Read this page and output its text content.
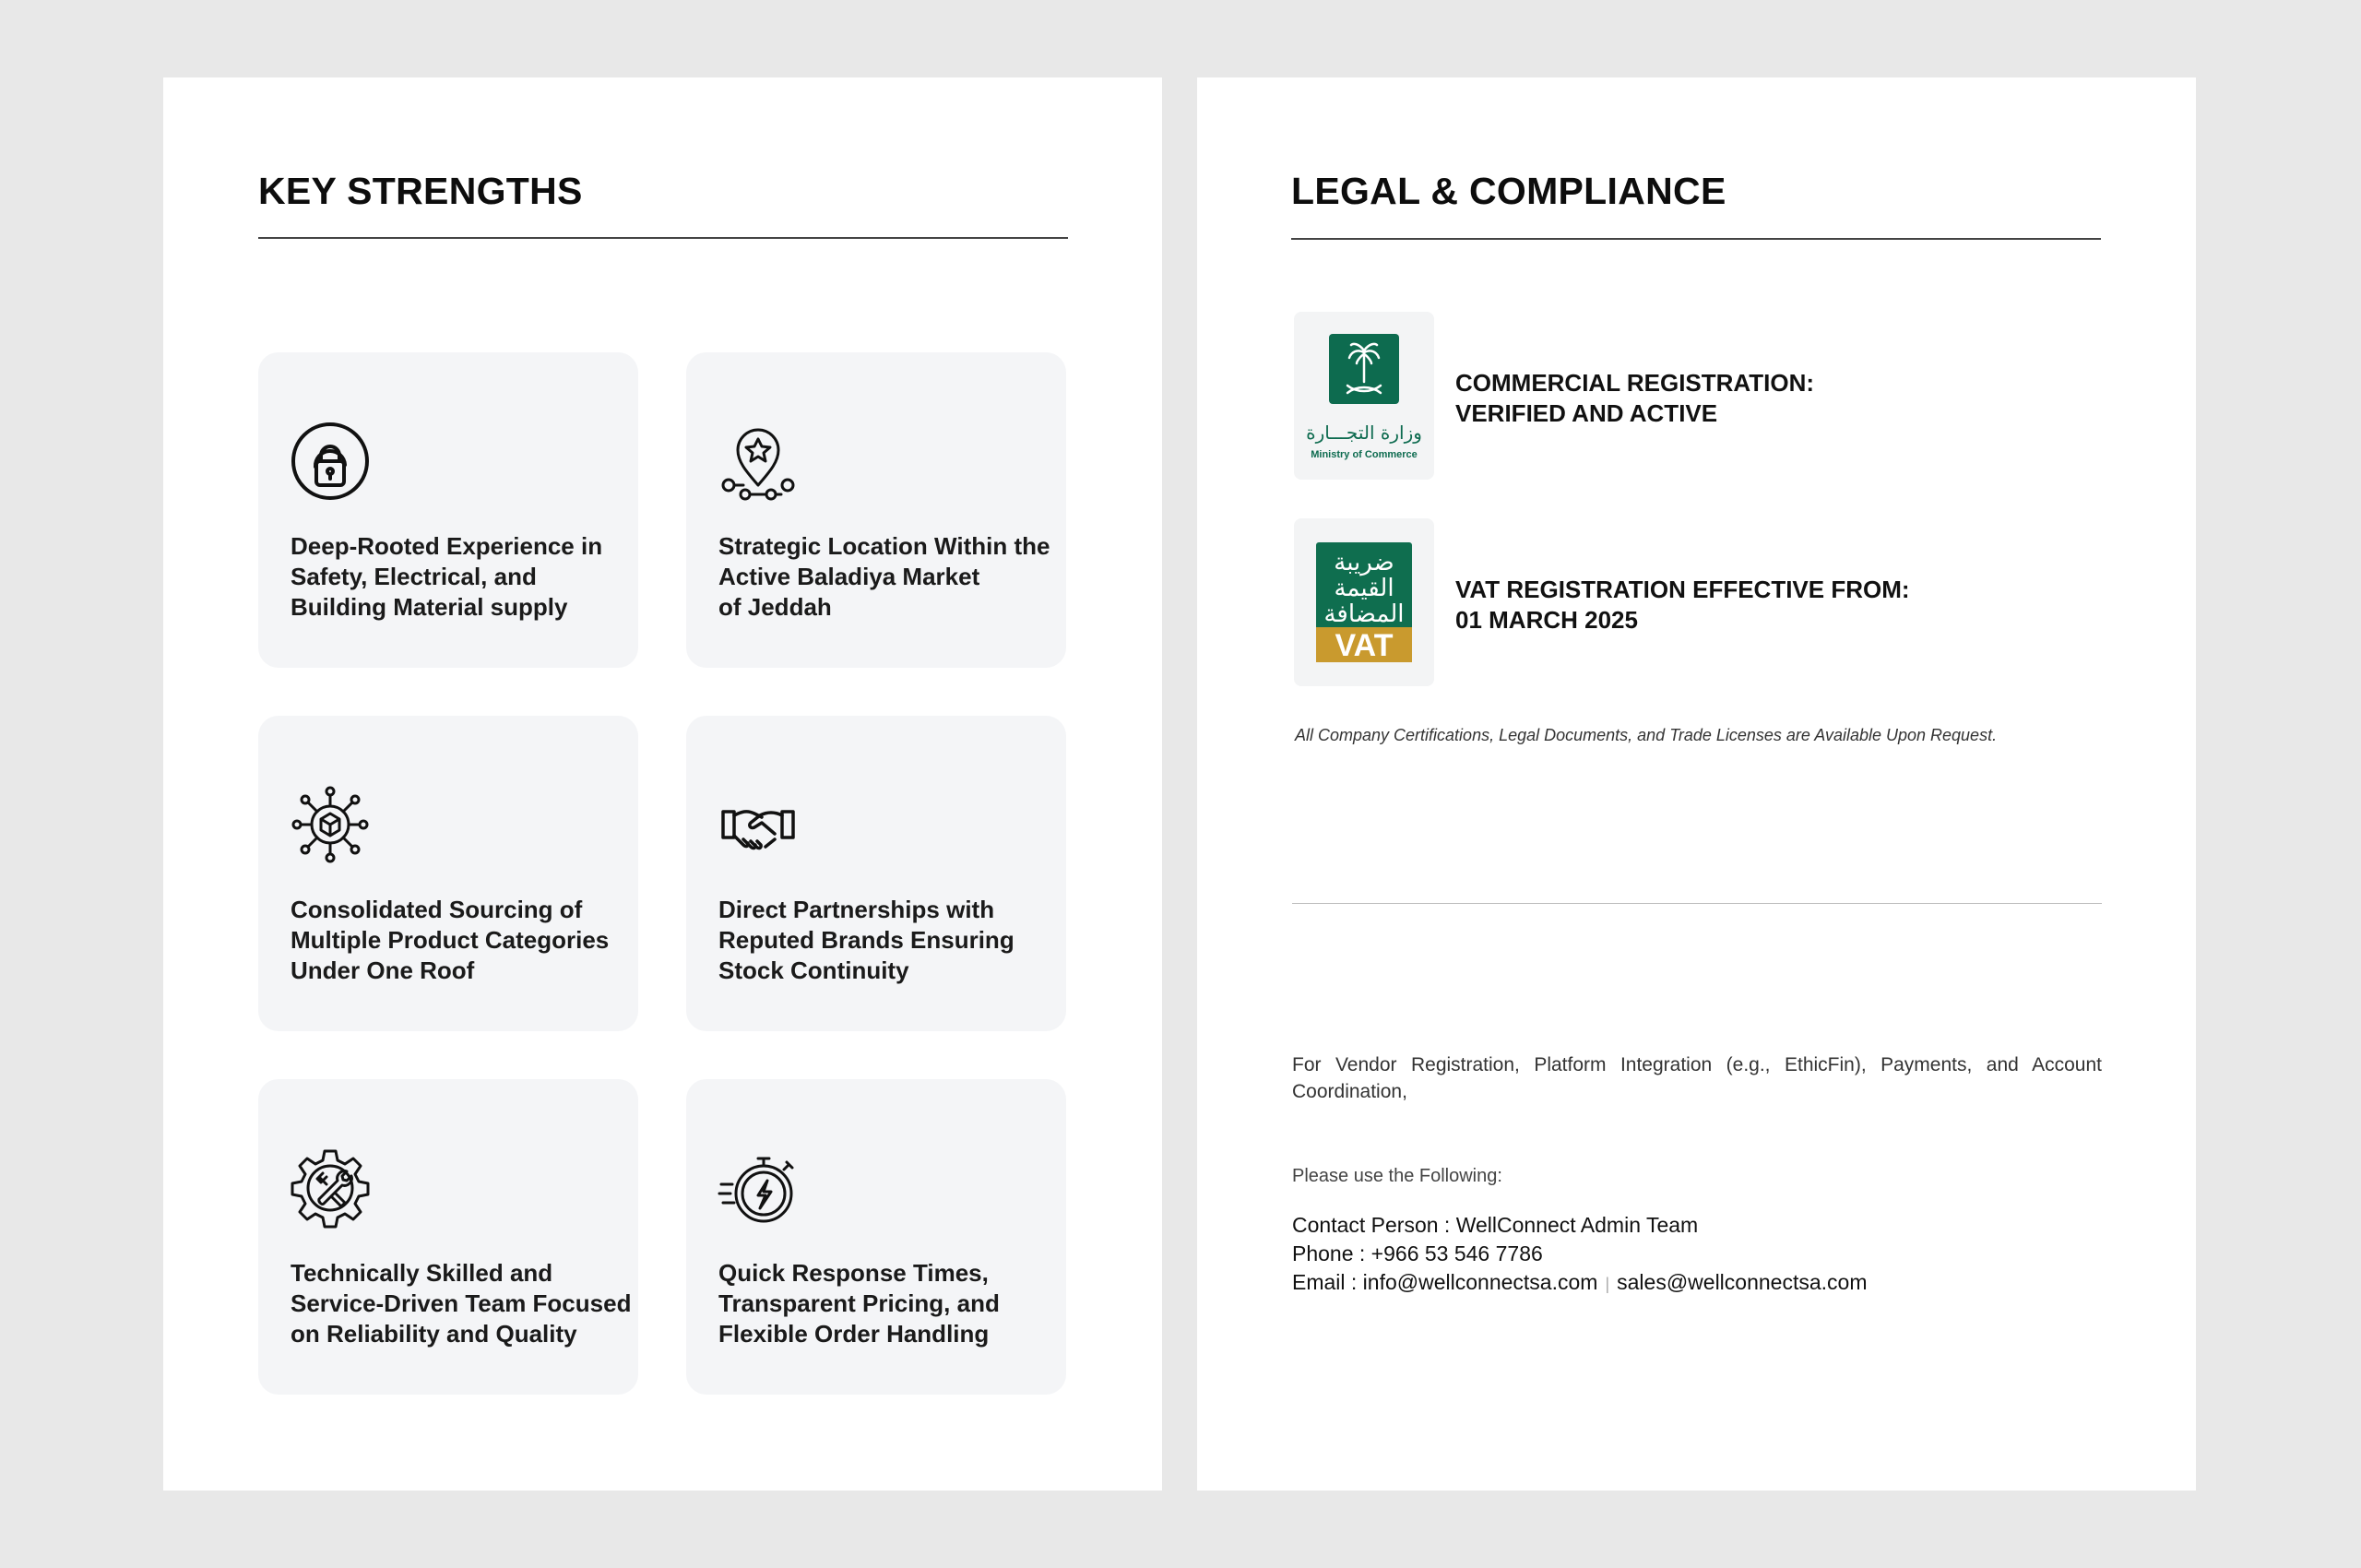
KEY STRENGTHS

Deep-Rooted Experience in
Safety, Electrical, and
Building Material supply

Strategic Location Within the
Active Baladiya Market
of Jeddah

Consolidated Sourcing of
Multiple Product Categories
Under One Roof

Direct Partnerships with
Reputed Brands Ensuring
Stock Continuity

Technically Skilled and
Service-Driven Team Focused
on Reliability and Quality

Quick Response Times,
Transparent Pricing, and
Flexible Order Handling

LEGAL & COMPLIANCE
وزارة التجـــارة
Ministry of Commerce
COMMERCIAL REGISTRATION:
VERIFIED AND ACTIVE
ضريبة
القيمة
المضافة
VAT
VAT REGISTRATION EFFECTIVE FROM:
01 MARCH 2025

All Company Certifications, Legal Documents, and Trade Licenses are Available Upon Request.

For Vendor Registration, Platform Integration (e.g., EthicFin), Payments, and Account Coordination,

Please use the Following:

Contact Person : WellConnect Admin Team

Phone : +966 53 546 7786

Email : info@wellconnectsa.com | sales@wellconnectsa.com
